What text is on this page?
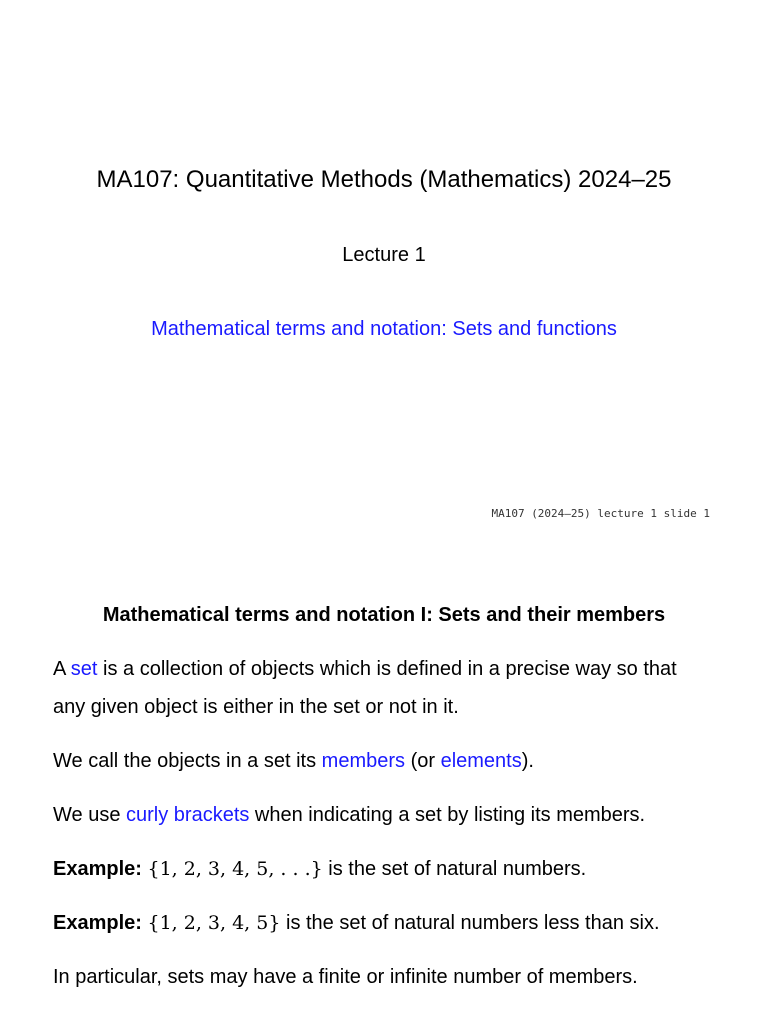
MA107: Quantitative Methods (Mathematics) 2024–25
Lecture 1
Mathematical terms and notation: Sets and functions
MA107 (2024–25) lecture 1 slide 1
Mathematical terms and notation I: Sets and their members
A set is a collection of objects which is defined in a precise way so that
any given object is either in the set or not in it.
We call the objects in a set its members (or elements).
We use curly brackets when indicating a set by listing its members.
Example: {1, 2, 3, 4, 5, . . .} is the set of natural numbers.
Example: {1, 2, 3, 4, 5} is the set of natural numbers less than six.
In particular, sets may have a finite or infinite number of members.
